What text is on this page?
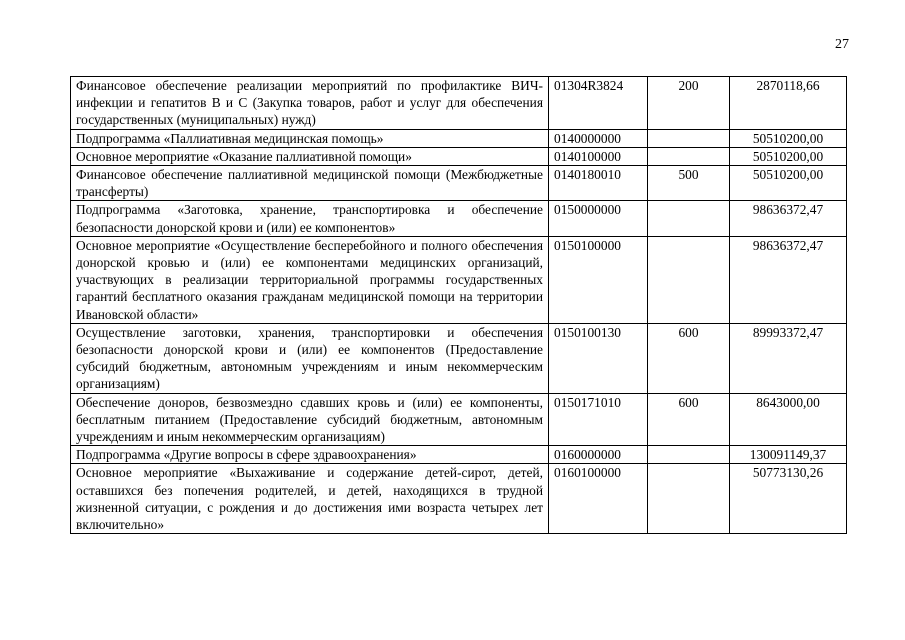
27
Финансовое обеспечение реализации мероприятий по профилактике ВИЧ-инфекции и гепатитов В и С (Закупка товаров, работ и услуг для обеспечения государственных (муниципальных) нужд)	01304R3824	200	2870118,66
Подпрограмма «Паллиативная медицинская помощь»	0140000000		50510200,00
Основное мероприятие «Оказание паллиативной помощи»	0140100000		50510200,00
Финансовое обеспечение паллиативной медицинской помощи (Межбюджетные трансферты)	0140180010	500	50510200,00
Подпрограмма «Заготовка, хранение, транспортировка и обеспечение безопасности донорской крови и (или) ее компонентов»	0150000000		98636372,47
Основное мероприятие «Осуществление бесперебойного и полного обеспечения донорской кровью и (или) ее компонентами медицинских организаций, участвующих в реализации территориальной программы государственных гарантий бесплатного оказания гражданам медицинской помощи на территории Ивановской области»	0150100000		98636372,47
Осуществление заготовки, хранения, транспортировки и обеспечения безопасности донорской крови и (или) ее компонентов (Предоставление субсидий бюджетным, автономным учреждениям и иным некоммерческим организациям)	0150100130	600	89993372,47
Обеспечение доноров, безвозмездно сдавших кровь и (или) ее компоненты, бесплатным питанием (Предоставление субсидий бюджетным, автономным учреждениям и иным некоммерческим организациям)	0150171010	600	8643000,00
Подпрограмма «Другие вопросы в сфере здравоохранения»	0160000000		130091149,37
Основное мероприятие «Выхаживание и содержание детей-сирот, детей, оставшихся без попечения родителей, и детей, находящихся в трудной жизненной ситуации, с рождения и до достижения ими возраста четырех лет включительно»	0160100000		50773130,26
